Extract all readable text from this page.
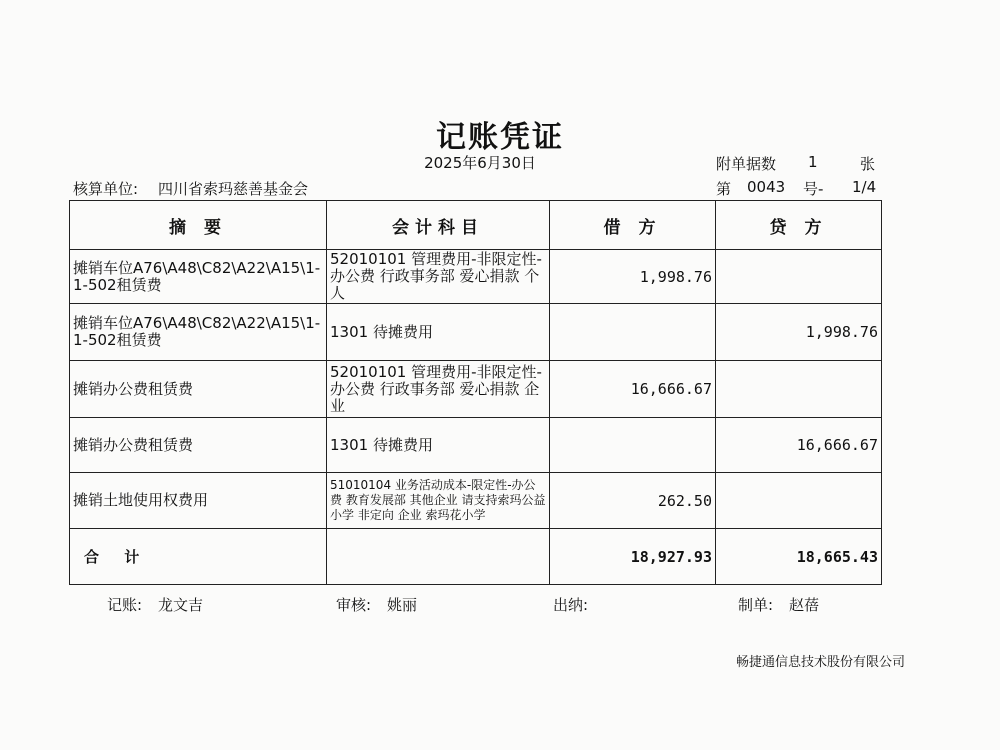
记账凭证
2025年6月30日	附单据数 1	张
核算单位: 四川省索玛慈善基金会	第 0043 号- 1/4
摘 要	会计科目	借 方	贷 方
摊销车位A76\A48\C82\A22\A15\1-1-502租赁费	52010101 管理费用-非限定性-办公费 行政事务部 爱心捐款 个人	1,998.76	
摊销车位A76\A48\C82\A22\A15\1-1-502租赁费	1301 待摊费用		1,998.76
摊销办公费租赁费	52010101 管理费用-非限定性-办公费 行政事务部 爱心捐款 企业	16,666.67	
摊销办公费租赁费	1301 待摊费用		16,666.67
摊销土地使用权费用	51010104 业务活动成本-限定性-办公费 教育发展部 其他企业 请支持索玛公益小学 非定向 企业 索玛花小学	262.50	
合 计		18,927.93	18,665.43
记账: 龙文吉	审核: 姚丽	出纳:	制单: 赵蓓
畅捷通信息技术股份有限公司
